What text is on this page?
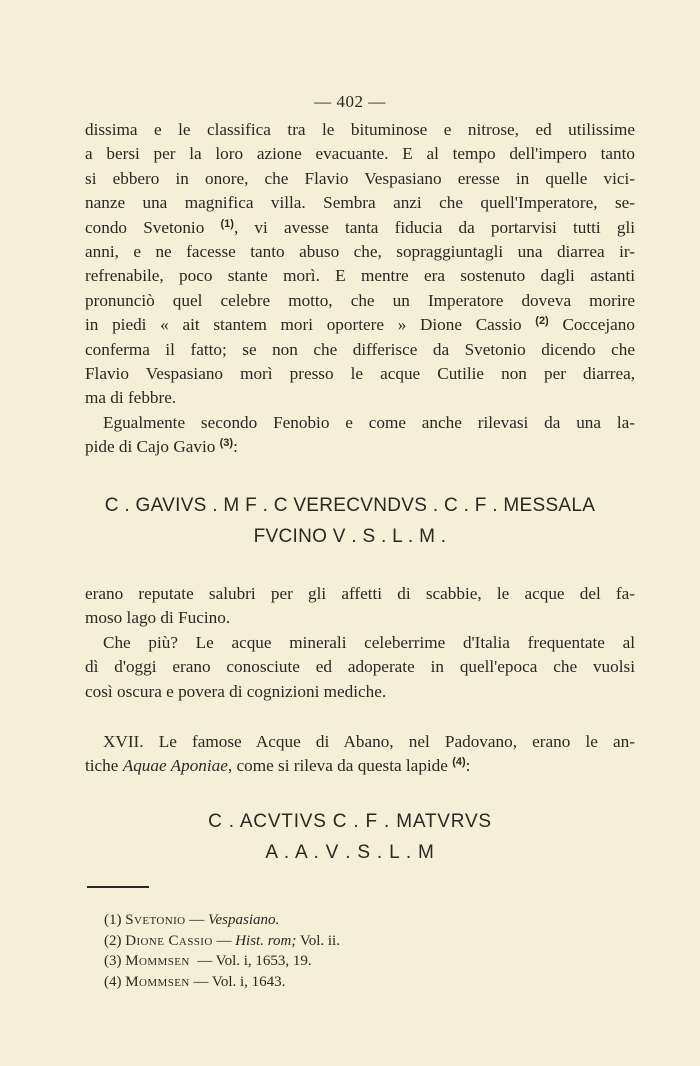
— 402 —
dissima e le classifica tra le bituminose e nitrose, ed utilissime
a bersi per la loro azione evacuante. E al tempo dell'impero tanto
si ebbero in onore, che Flavio Vespasiano eresse in quelle vici-
nanze una magnifica villa. Sembra anzi che quell'Imperatore, se-
condo Svetonio $^{(1)}$, vi avesse tanta fiducia da portarvisi tutti gli
anni, e ne facesse tanto abuso che, sopraggiuntagli una diarrea ir-
refrenabile, poco stante morì. E mentre era sostenuto dagli astanti
pronunciò quel celebre motto, che un Imperatore doveva morire
in piedi « ait stantem mori oportere » Dione Cassio $^{(2)}$ Coccejano
conferma il fatto; se non che differisce da Svetonio dicendo che
Flavio Vespasiano morì presso le acque Cutilie non per diarrea,
ma di febbre.
Egualmente secondo Fenobio e come anche rilevasi da una la-
pide di Cajo Gavio $^{(3)}$:
C . GAVIVS . M F . C VERECVNDVS . C . F . MESSALA
FVCINO V . S . L . M .
erano reputate salubri per gli affetti di scabbie, le acque del fa-
moso lago di Fucino.
Che più? Le acque minerali celeberrime d'Italia frequentate al
dì d'oggi erano conosciute ed adoperate in quell'epoca che vuolsi
così oscura e povera di cognizioni mediche.
XVII. Le famose Acque di Abano, nel Padovano, erano le an-
tiche Aquae Aponiae, come si rileva da questa lapide $^{(4)}$:
C . ACVTIVS C . F . MATVRVS
A . A . V . S . L . M
(1) Svetonio — Vespasiano.
(2) Dione Cassio — Hist. rom; Vol. ii.
(3) Mommsen — Vol. i, 1653, 19.
(4) Mommsen — Vol. i, 1643.
